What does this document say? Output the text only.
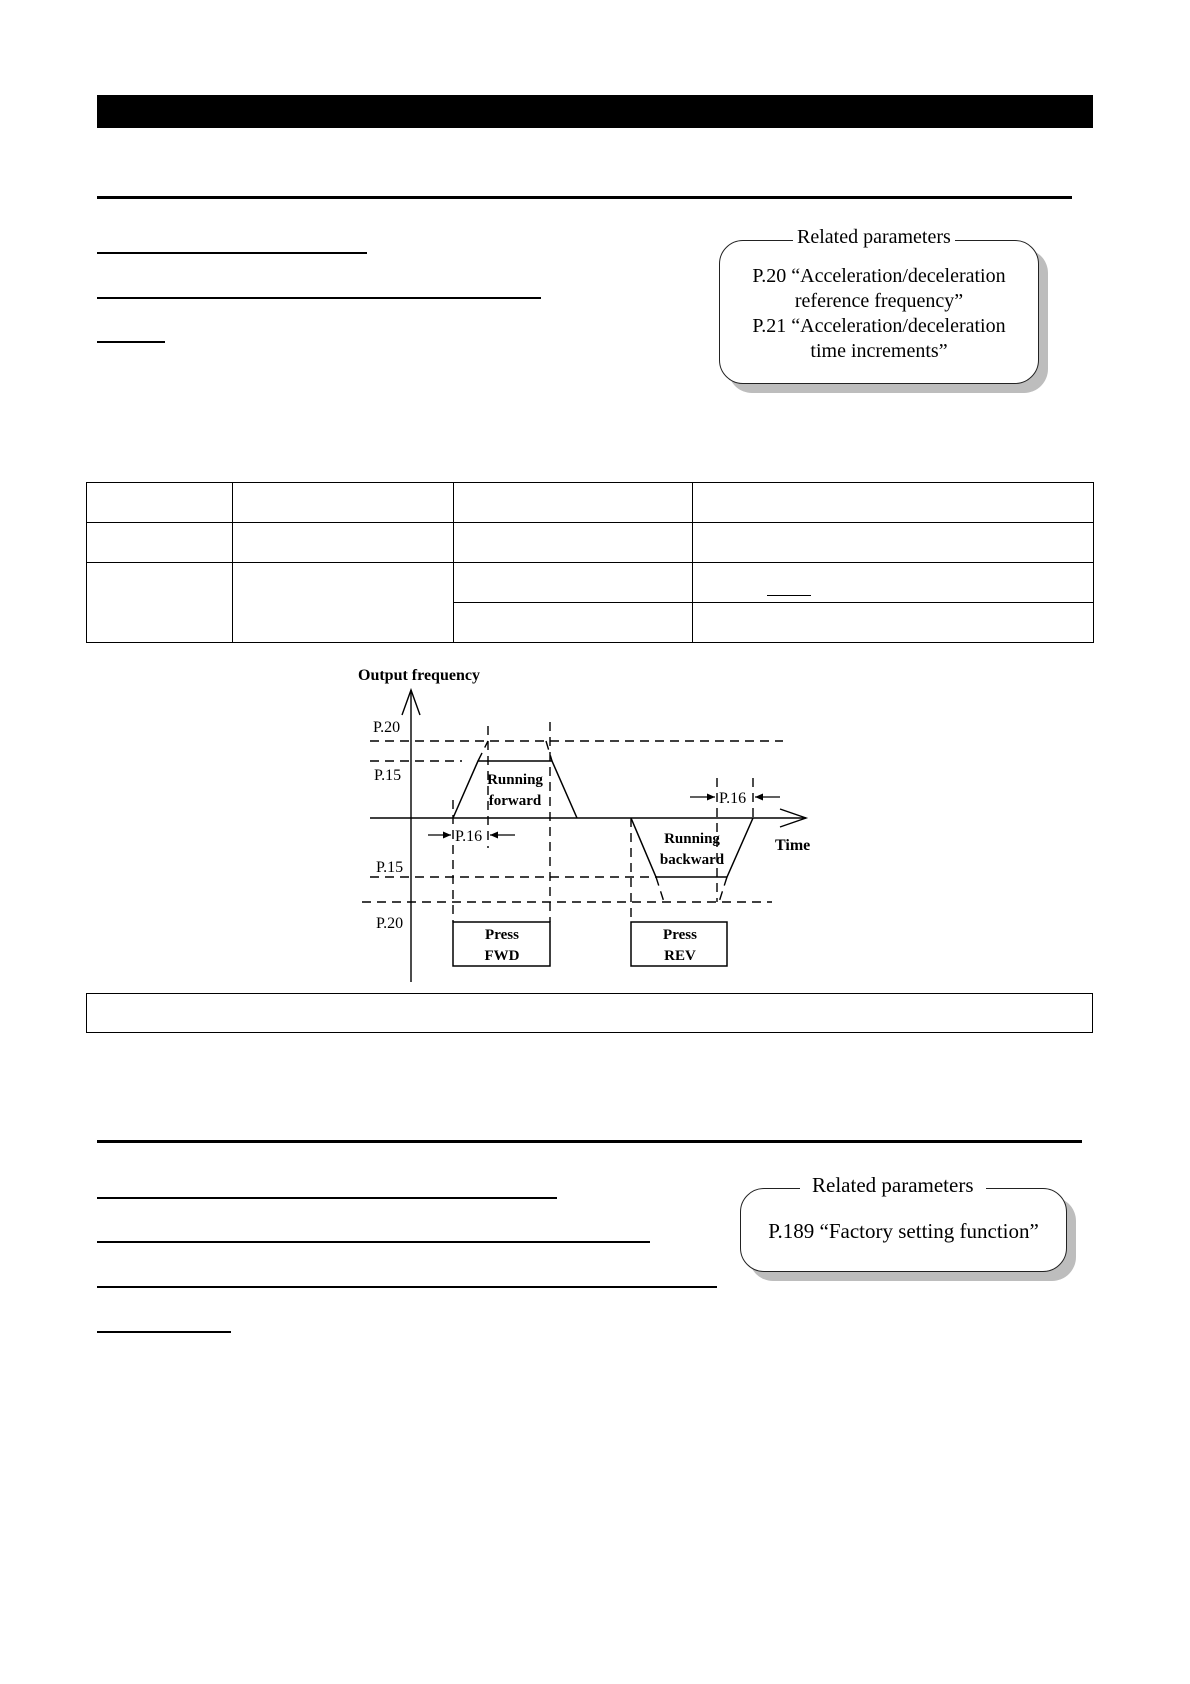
P.20 “Acceleration/deceleration
reference frequency”
P.21 “Acceleration/deceleration
time increments”
Related parameters

Output frequency
Time
P.20
P.15
P.15
P.20
P.16
P.16
Running
forward
Running
backward
Press
FWD
Press
REV
P.189 “Factory setting function”
Related parameters
